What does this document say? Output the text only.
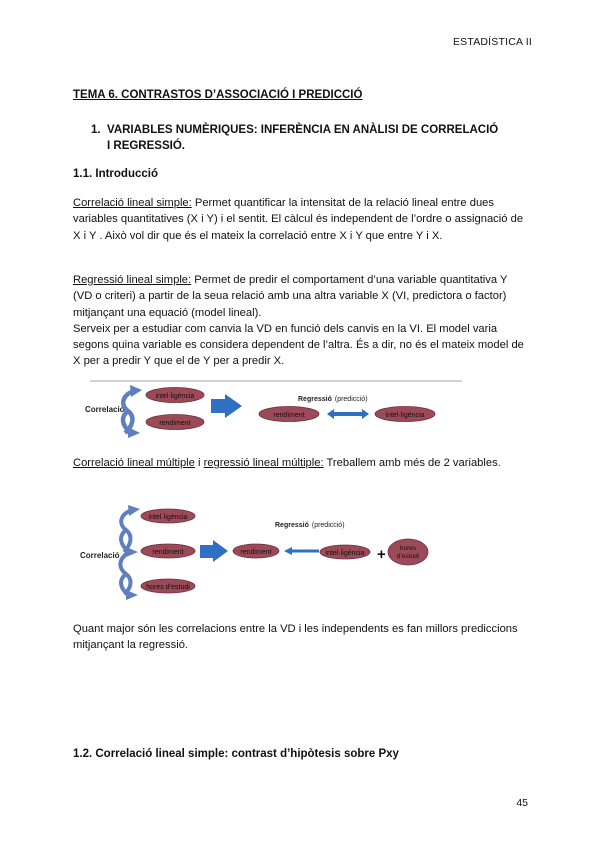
ESTADÍSTICA II
TEMA 6. CONTRASTOS D’ASSOCIACIÓ I PREDICCIÓ
1. VARIABLES NUMÈRIQUES: INFERÈNCIA EN ANÀLISI DE CORRELACIÓ
I REGRESSIÓ.
1.1. Introducció
Correlació lineal simple: Permet quantificar la intensitat de la relació lineal entre dues variables quantitatives (X i Y) i el sentit. El càlcul és independent de l’ordre o assignació de X i Y . Això vol dir que és el mateix la correlació entre X i Y que entre Y i X.
Regressió lineal simple: Permet de predir el comportament d’una variable quantitativa Y (VD o criteri) a partir de la seua relació amb una altra variable X (VI, predictora o factor) mitjançant una equació (model lineal).
Serveix per a estudiar com canvia la VD en funció dels canvis en la VI. El model varia segons quina variable es considera dependent de l’altra. És a dir, no és el mateix model de X per a predir Y que el de Y per a predir X.
Correlació
intel·ligència
rendiment
Regressió (predicció)
rendiment	intel·ligència
Correlació lineal múltiple i regressió lineal múltiple: Treballem amb més de 2 variables.
Correlació
intel·ligència
rendiment
hores d’estudi
Regressió (predicció)
rendiment	intel·ligència + hores
d’estudi
Quant major són les correlacions entre la VD i les independents es fan millors prediccions mitjançant la regressió.
1.2. Correlació lineal simple: contrast d’hipòtesis sobre Pxy
45
